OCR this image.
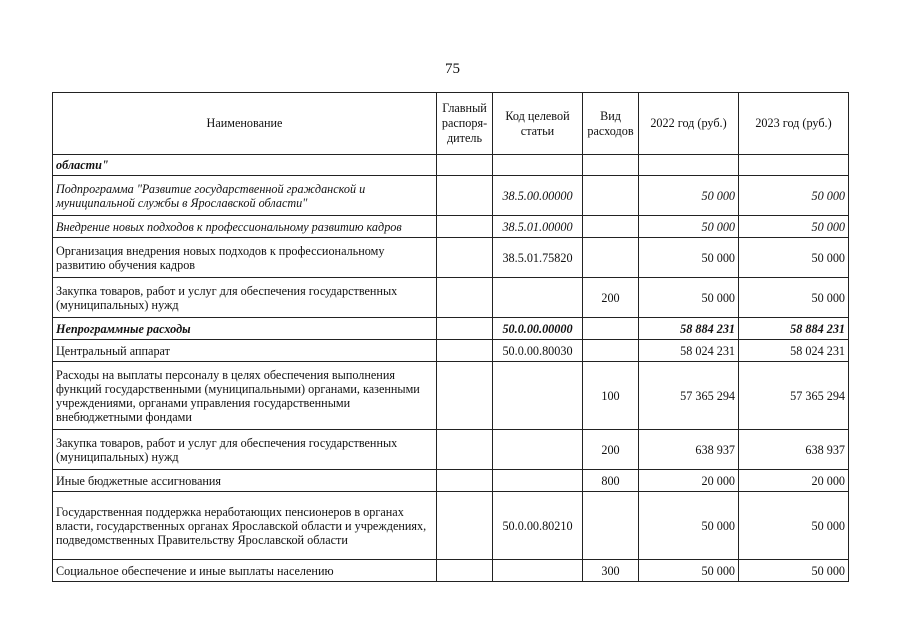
75
Наименование	Главный распоря-дитель	Код целевой статьи	Вид расходов	2022 год (руб.)	2023 год (руб.)
области"					
Подпрограмма "Развитие государственной гражданской и муниципальной службы в Ярославской области"		38.5.00.00000		50 000	50 000
Внедрение новых подходов к профессиональному развитию кадров		38.5.01.00000		50 000	50 000
Организация внедрения новых подходов к профессиональному развитию обучения кадров		38.5.01.75820		50 000	50 000
Закупка товаров, работ и услуг для обеспечения государственных (муниципальных) нужд			200	50 000	50 000
Непрограммные расходы		50.0.00.00000		58 884 231	58 884 231
Центральный аппарат		50.0.00.80030		58 024 231	58 024 231
Расходы на выплаты персоналу в целях обеспечения выполнения функций государственными (муниципальными) органами, казенными учреждениями, органами управления государственными внебюджетными фондами			100	57 365 294	57 365 294
Закупка товаров, работ и услуг для обеспечения государственных (муниципальных) нужд			200	638 937	638 937
Иные бюджетные ассигнования			800	20 000	20 000
Государственная поддержка неработающих пенсионеров в органах власти, государственных органах Ярославской области и учреждениях, подведомственных Правительству Ярославской области		50.0.00.80210		50 000	50 000
Социальное обеспечение и иные выплаты населению			300	50 000	50 000
